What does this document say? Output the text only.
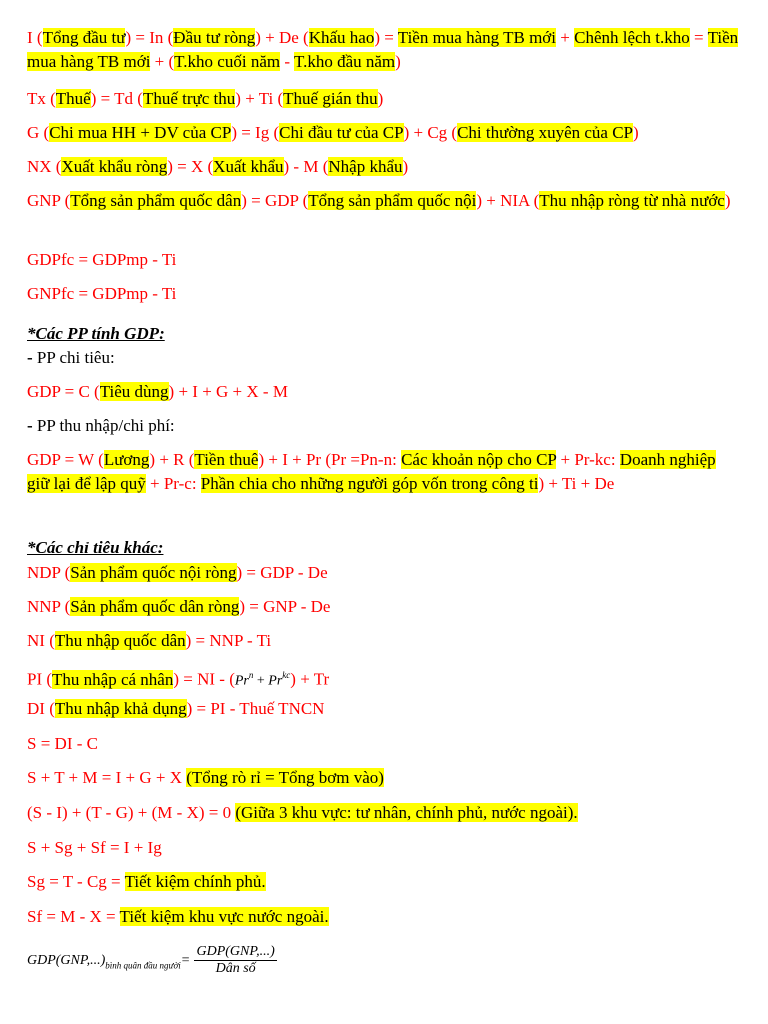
I (Tổng đầu tư) = In (Đầu tư ròng) + De (Khấu hao) = Tiền mua hàng TB mới + Chênh lệch t.kho = Tiền mua hàng TB mới + (T.kho cuối năm - T.kho đầu năm)
Tx (Thuế) = Td (Thuế trực thu) + Ti (Thuế gián thu)
G (Chi mua HH + DV của CP) = Ig (Chi đầu tư của CP) + Cg (Chi thường xuyên của CP)
NX (Xuất khẩu ròng) = X (Xuất khẩu) - M (Nhập khẩu)
GNP (Tổng sản phẩm quốc dân) = GDP (Tổng sản phẩm quốc nội) + NIA (Thu nhập ròng từ nhà nước)
GDPfc = GDPmp - Ti
GNPfc = GDPmp - Ti
*Các PP tính GDP:
- PP chi tiêu:
GDP = C (Tiêu dùng) + I + G + X - M
- PP thu nhập/chi phí:
GDP = W (Lương) + R (Tiền thuê) + I + Pr (Pr =Pn-n: Các khoản nộp cho CP + Pr-kc: Doanh nghiệp giữ lại để lập quỹ + Pr-c: Phần chia cho những người góp vốn trong công ti) + Ti + De
*Các chỉ tiêu khác:
NDP (Sản phẩm quốc nội ròng) = GDP - De
NNP (Sản phẩm quốc dân ròng) = GNP - De
NI (Thu nhập quốc dân) = NNP - Ti
PI (Thu nhập cá nhân) = NI - $(Pr^n + Pr^{kc}) + Tr$
DI (Thu nhập khả dụng) = PI - Thuế TNCN
S = DI - C
S + T + M = I + G + X (Tổng rò rỉ = Tổng bơm vào)
(S - I) + (T - G) + (M - X) = 0 (Giữa 3 khu vực: tư nhân, chính phủ, nước ngoài).
S + Sg + Sf = I + Ig
Sg = T - Cg = Tiết kiệm chính phủ.
Sf = M - X = Tiết kiệm khu vực nước ngoài.
$GDP(GNP,...)_{bình quân đầu người}= \frac{\text{GDP(GNP,...)}}{\text{Dân số}}$
